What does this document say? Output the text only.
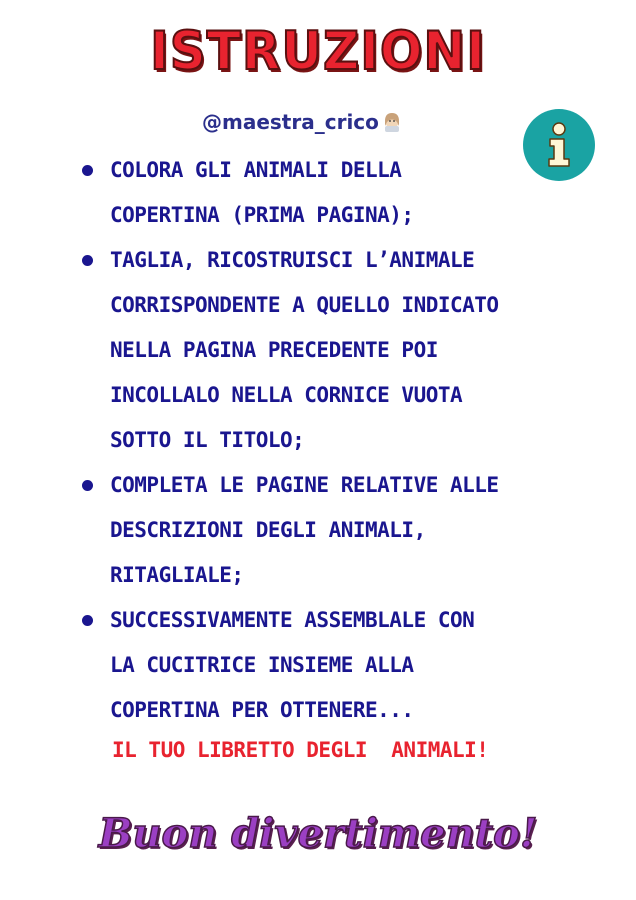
ISTRUZIONI
@maestra_crico
COLORA GLI ANIMALI DELLA
COPERTINA (PRIMA PAGINA);
TAGLIA, RICOSTRUISCI L’ANIMALE
CORRISPONDENTE A QUELLO INDICATO
NELLA PAGINA PRECEDENTE POI
INCOLLALO NELLA CORNICE VUOTA
SOTTO IL TITOLO;
COMPLETA LE PAGINE RELATIVE ALLE
DESCRIZIONI DEGLI ANIMALI,
RITAGLIALE;
SUCCESSIVAMENTE ASSEMBLALE CON
LA CUCITRICE INSIEME ALLA
COPERTINA PER OTTENERE...
IL TUO LIBRETTO DEGLI  ANIMALI!
Buon divertimento!
